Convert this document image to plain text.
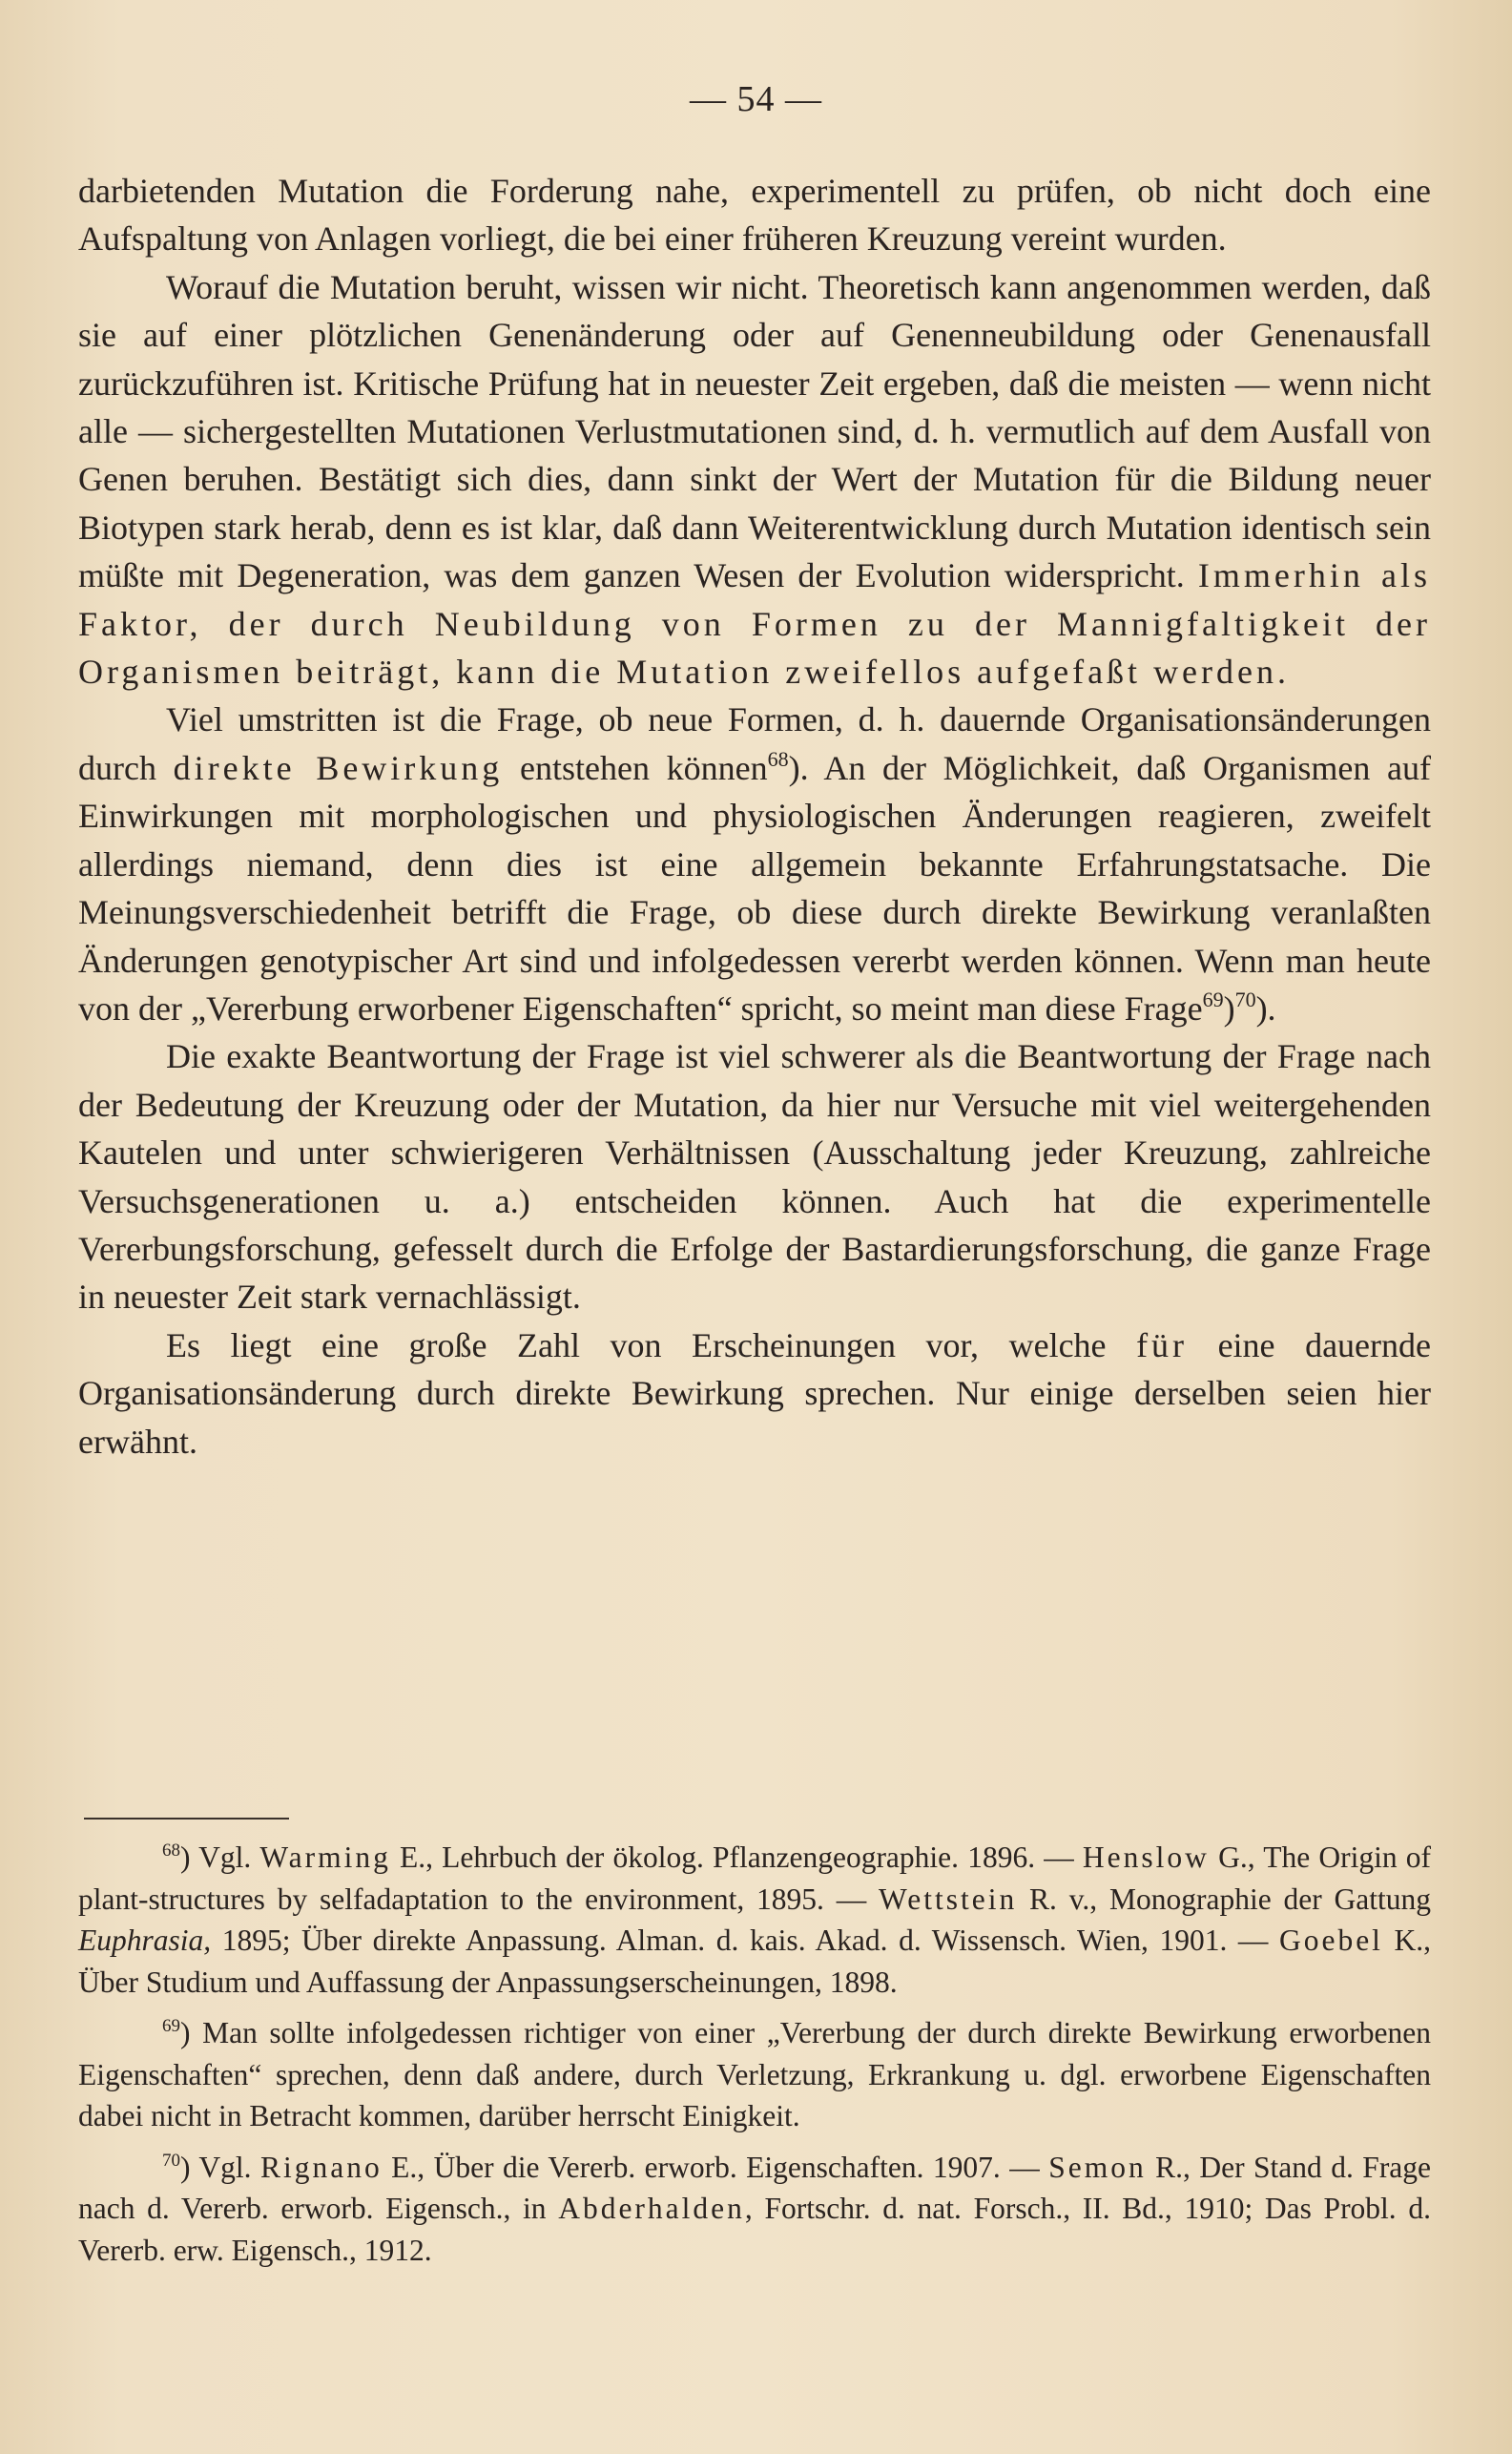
— 54 —

darbietenden Mutation die Forderung nahe, experimentell zu prüfen, ob nicht doch eine Aufspaltung von Anlagen vorliegt, die bei einer früheren Kreuzung vereint wurden.

Worauf die Mutation beruht, wissen wir nicht. Theoretisch kann angenommen werden, daß sie auf einer plötzlichen Genenänderung oder auf Genenneubildung oder Genenausfall zurückzuführen ist. Kritische Prüfung hat in neuester Zeit ergeben, daß die meisten — wenn nicht alle — sichergestellten Mutationen Verlustmutationen sind, d. h. vermutlich auf dem Ausfall von Genen beruhen. Bestätigt sich dies, dann sinkt der Wert der Mutation für die Bildung neuer Biotypen stark herab, denn es ist klar, daß dann Weiterentwicklung durch Mutation identisch sein müßte mit Degeneration, was dem ganzen Wesen der Evolution widerspricht. Immerhin als Faktor, der durch Neubildung von Formen zu der Mannigfaltigkeit der Organismen beiträgt, kann die Mutation zweifellos aufgefaßt werden.

Viel umstritten ist die Frage, ob neue Formen, d. h. dauernde Organisationsänderungen durch direkte Bewirkung entstehen können$^{68}$). An der Möglichkeit, daß Organismen auf Einwirkungen mit morphologischen und physiologischen Änderungen reagieren, zweifelt allerdings niemand, denn dies ist eine allgemein bekannte Erfahrungstatsache. Die Meinungsverschiedenheit betrifft die Frage, ob diese durch direkte Bewirkung veranlaßten Änderungen genotypischer Art sind und infolgedessen vererbt werden können. Wenn man heute von der „Vererbung erworbener Eigenschaften“ spricht, so meint man diese Frage$^{69}$)$^{70}$).

Die exakte Beantwortung der Frage ist viel schwerer als die Beantwortung der Frage nach der Bedeutung der Kreuzung oder der Mutation, da hier nur Versuche mit viel weitergehenden Kautelen und unter schwierigeren Verhältnissen (Ausschaltung jeder Kreuzung, zahlreiche Versuchsgenerationen u. a.) entscheiden können. Auch hat die experimentelle Vererbungsforschung, gefesselt durch die Erfolge der Bastardierungsforschung, die ganze Frage in neuester Zeit stark vernachlässigt.

Es liegt eine große Zahl von Erscheinungen vor, welche für eine dauernde Organisationsänderung durch direkte Bewirkung sprechen. Nur einige derselben seien hier erwähnt.

$^{68}$) Vgl. Warming E., Lehrbuch der ökolog. Pflanzengeographie. 1896. — Henslow G., The Origin of plant-structures by selfadaptation to the environment, 1895. — Wettstein R. v., Monographie der Gattung Euphrasia, 1895; Über direkte Anpassung. Alman. d. kais. Akad. d. Wissensch. Wien, 1901. — Goebel K., Über Studium und Auffassung der Anpassungserscheinungen, 1898.

$^{69}$) Man sollte infolgedessen richtiger von einer „Vererbung der durch direkte Bewirkung erworbenen Eigenschaften“ sprechen, denn daß andere, durch Verletzung, Erkrankung u. dgl. erworbene Eigenschaften dabei nicht in Betracht kommen, darüber herrscht Einigkeit.

$^{70}$) Vgl. Rignano E., Über die Vererb. erworb. Eigenschaften. 1907. — Semon R., Der Stand d. Frage nach d. Vererb. erworb. Eigensch., in Abderhalden, Fortschr. d. nat. Forsch., II. Bd., 1910; Das Probl. d. Vererb. erw. Eigensch., 1912.
